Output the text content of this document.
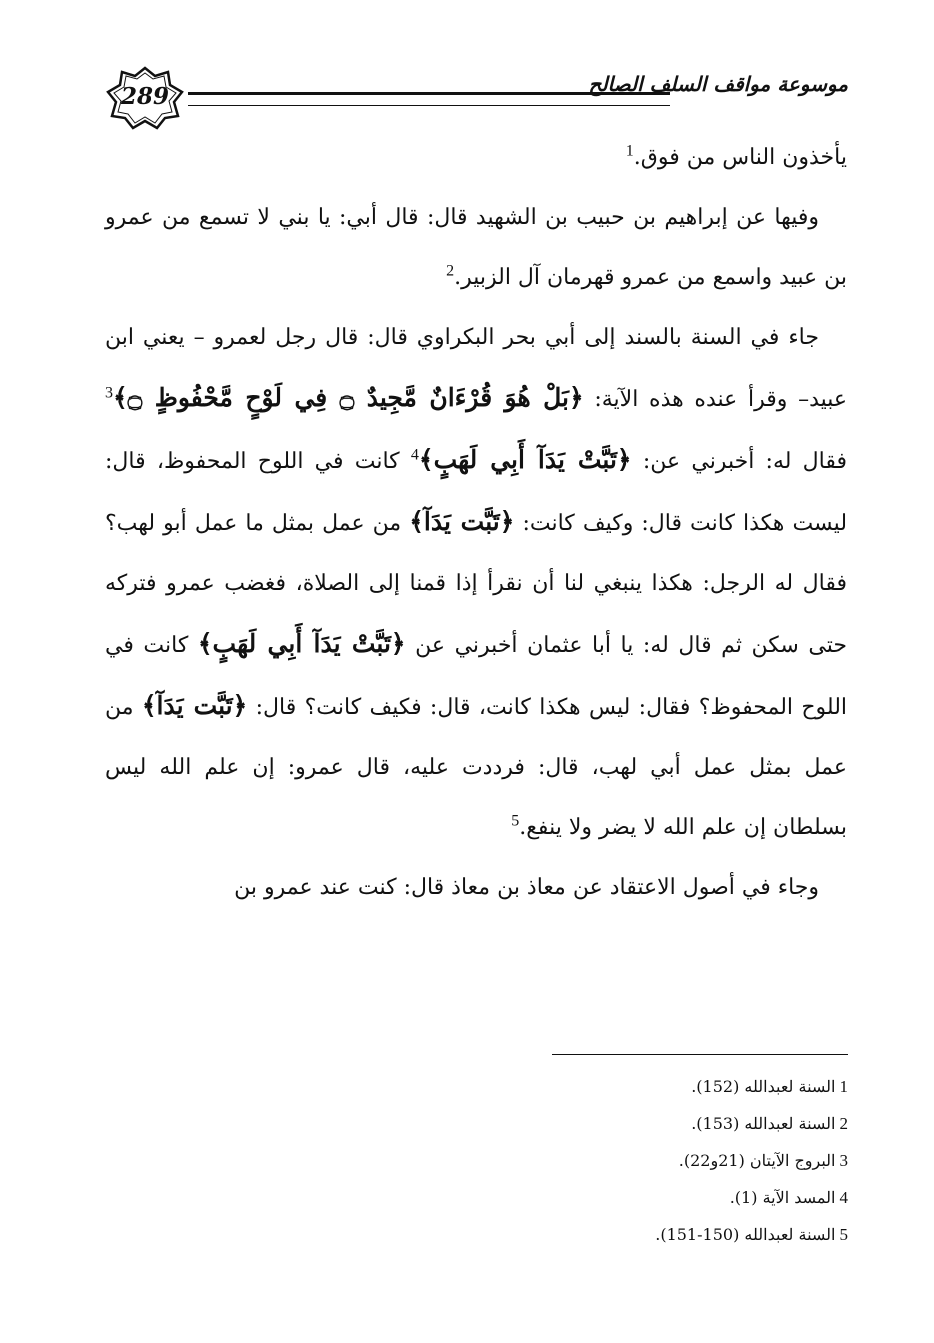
289	موسوعة مواقف السلف الصالح

يأخذون الناس من فوق.$^1$

وفيها عن إبراهيم بن حبيب بن الشهيد قال: قال أبي: يا بني لا تسمع من عمرو بن عبيد واسمع من عمرو قهرمان آل الزبير.$^2$

جاء في السنة بالسند إلى أبي بحر البكراوي قال: قال رجل لعمرو – يعني ابن عبيد– وقرأ عنده هذه الآية: ﴿بَلْ هُوَ قُرْءَانٌ مَّجِيدٌ ۝ فِي لَوْحٍ مَّحْفُوظٍ ۝﴾$^3$ فقال له: أخبرني عن: ﴿تَبَّتْ يَدَآ أَبِي لَهَبٍ﴾$^4$ كانت في اللوح المحفوظ، قال: ليست هكذا كانت قال: وكيف كانت: ﴿تَبَّت يَدَآ﴾ من عمل بمثل ما عمل أبو لهب؟ فقال له الرجل: هكذا ينبغي لنا أن نقرأ إذا قمنا إلى الصلاة، فغضب عمرو فتركه حتى سكن ثم قال له: يا أبا عثمان أخبرني عن ﴿تَبَّتْ يَدَآ أَبِي لَهَبٍ﴾ كانت في اللوح المحفوظ؟ فقال: ليس هكذا كانت، قال: فكيف كانت؟ قال: ﴿تَبَّت يَدَآ﴾ من عمل بمثل عمل أبي لهب، قال: فرددت عليه، قال عمرو: إن علم الله ليس بسلطان إن علم الله لا يضر ولا ينفع.$^5$

وجاء في أصول الاعتقاد عن معاذ بن معاذ قال: كنت عند عمرو بن

1السنة لعبدالله (152).
2السنة لعبدالله (153).
3البروج الآيتان (21و22).
4المسد الآية (1).
5السنة لعبدالله (150-151).
